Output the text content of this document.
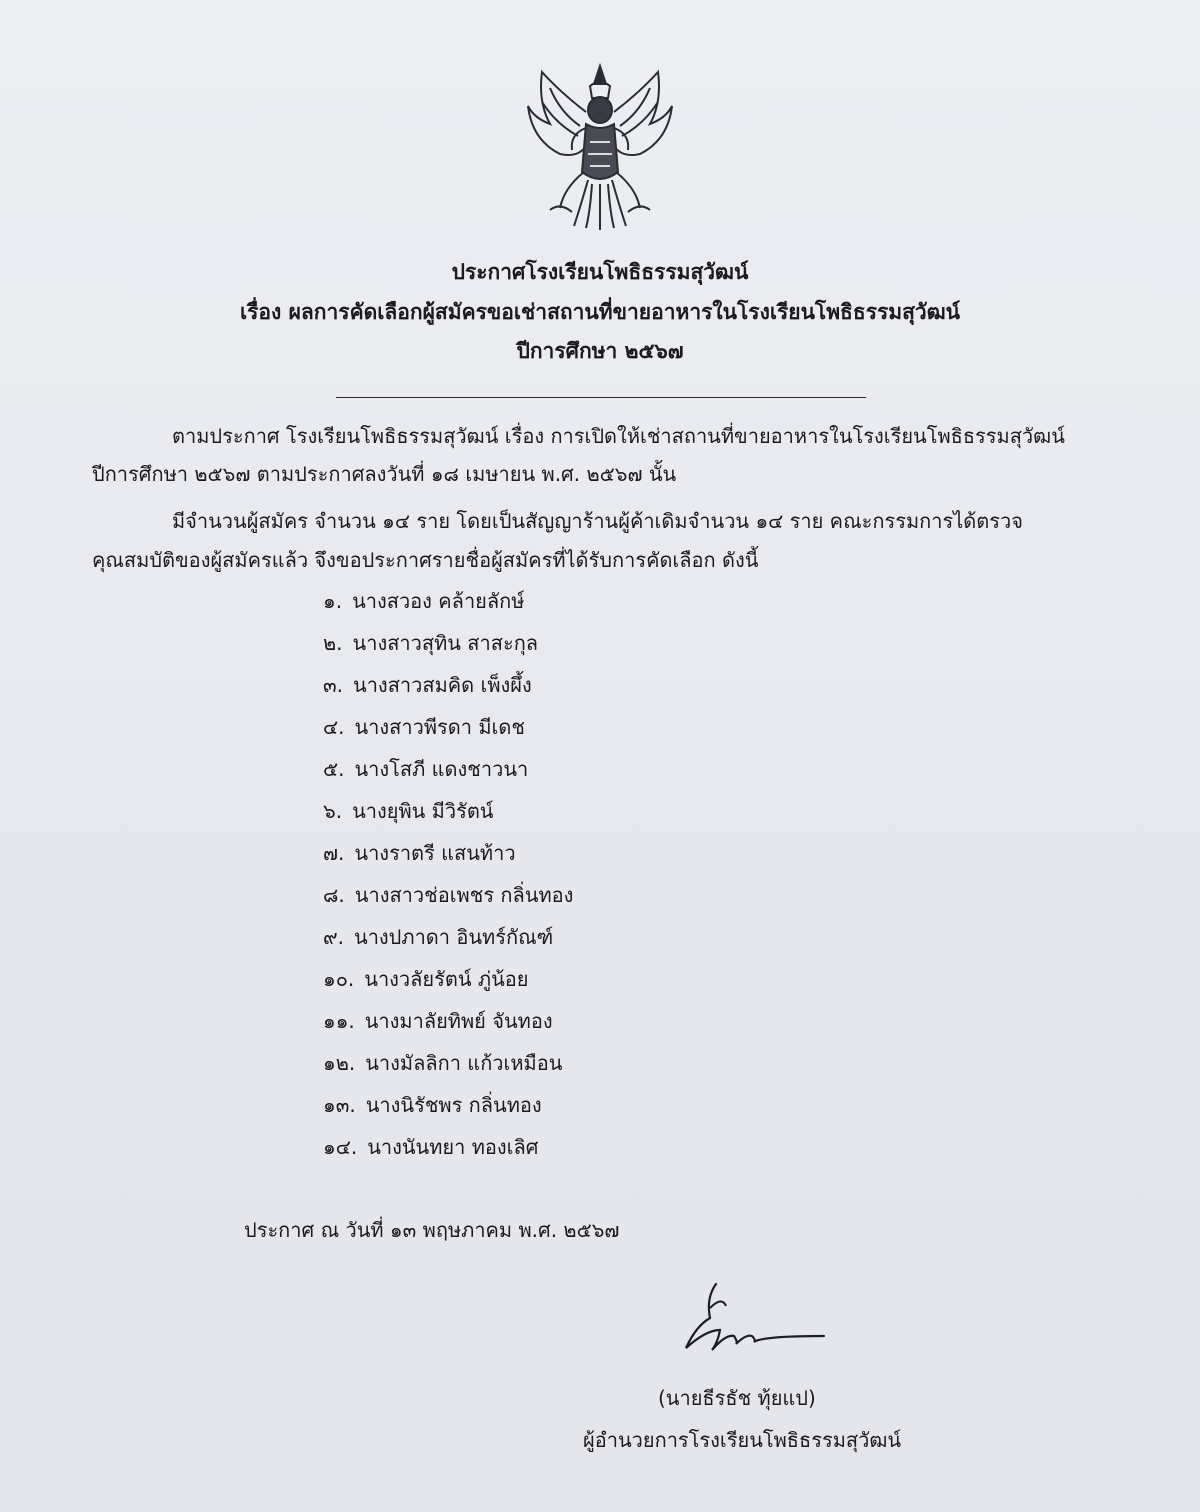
ประกาศโรงเรียนโพธิธรรมสุวัฒน์
เรื่อง ผลการคัดเลือกผู้สมัครขอเช่าสถานที่ขายอาหารในโรงเรียนโพธิธรรมสุวัฒน์
ปีการศึกษา ๒๕๖๗
ตามประกาศ โรงเรียนโพธิธรรมสุวัฒน์ เรื่อง การเปิดให้เช่าสถานที่ขายอาหารในโรงเรียนโพธิธรรมสุวัฒน์
ปีการศึกษา ๒๕๖๗ ตามประกาศลงวันที่ ๑๘ เมษายน พ.ศ. ๒๕๖๗ นั้น
มีจำนวนผู้สมัคร จำนวน ๑๔ ราย โดยเป็นสัญญาร้านผู้ค้าเดิมจำนวน ๑๔ ราย คณะกรรมการได้ตรวจ
คุณสมบัติของผู้สมัครแล้ว จึงขอประกาศรายชื่อผู้สมัครที่ได้รับการคัดเลือก ดังนี้
๑. นางสวอง คล้ายลักษ์
๒. นางสาวสุทิน สาสะกุล
๓. นางสาวสมคิด เพ็งผึ้ง
๔. นางสาวพีรดา มีเดช
๕. นางโสภี แดงชาวนา
๖. นางยุพิน มีวิรัตน์
๗. นางราตรี แสนท้าว
๘. นางสาวช่อเพชร กลิ่นทอง
๙. นางปภาดา อินทร์กัณฑ์
๑๐. นางวลัยรัตน์ ภู่น้อย
๑๑. นางมาลัยทิพย์ จันทอง
๑๒. นางมัลลิกา แก้วเหมือน
๑๓. นางนิรัชพร กลิ่นทอง
๑๔. นางนันทยา ทองเลิศ
ประกาศ ณ วันที่ ๑๓ พฤษภาคม พ.ศ. ๒๕๖๗
(นายธีรธัช ทุ้ยแป)
ผู้อำนวยการโรงเรียนโพธิธรรมสุวัฒน์
